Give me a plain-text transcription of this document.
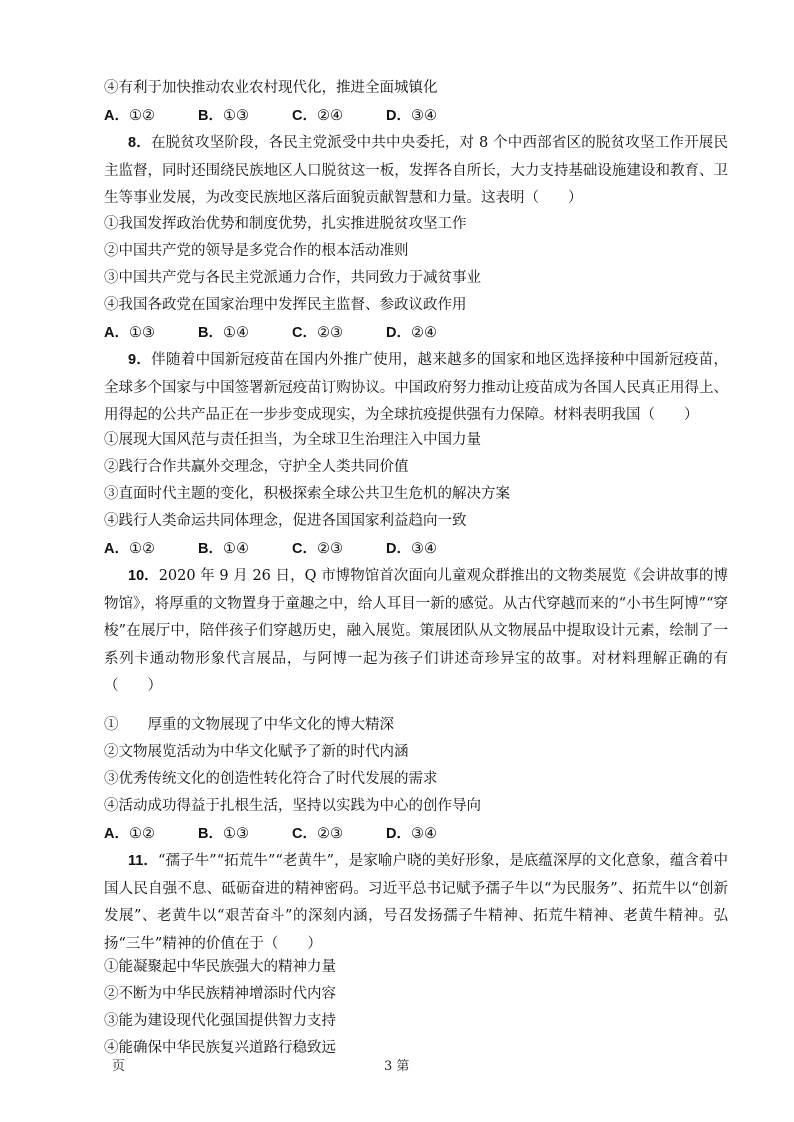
④有利于加快推动农业农村现代化，推进全面城镇化
A．①②	B．①③	C．②④	D．③④
8．在脱贫攻坚阶段，各民主党派受中共中央委托，对 8 个中西部省区的脱贫攻坚工作开展民主监督，同时还围绕民族地区人口脱贫这一板，发挥各自所长，大力支持基础设施建设和教育、卫生等事业发展，为改变民族地区落后面貌贡献智慧和力量。这表明（　　）
①我国发挥政治优势和制度优势，扎实推进脱贫攻坚工作
②中国共产党的领导是多党合作的根本活动准则
③中国共产党与各民主党派通力合作，共同致力于减贫事业
④我国各政党在国家治理中发挥民主监督、参政议政作用
A．①③	B．①④	C．②③	D．②④
9．伴随着中国新冠疫苗在国内外推广使用，越来越多的国家和地区选择接种中国新冠疫苗，全球多个国家与中国签署新冠疫苗订购协议。中国政府努力推动让疫苗成为各国人民真正用得上、用得起的公共产品正在一步步变成现实，为全球抗疫提供强有力保障。材料表明我国（　　）
①展现大国风范与责任担当，为全球卫生治理注入中国力量
②践行合作共赢外交理念，守护全人类共同价值
③直面时代主题的变化，积极探索全球公共卫生危机的解决方案
④践行人类命运共同体理念，促进各国国家利益趋向一致
A．①②	B．①④	C．②③	D．③④
10．2020 年 9 月 26 日，Q 市博物馆首次面向儿童观众群推出的文物类展览《会讲故事的博物馆》，将厚重的文物置身于童趣之中，给人耳目一新的感觉。从古代穿越而来的“小书生阿博”“穿梭”在展厅中，陪伴孩子们穿越历史，融入展览。策展团队从文物展品中提取设计元素，绘制了一系列卡通动物形象代言展品，与阿博一起为孩子们讲述奇珍异宝的故事。对材料理解正确的有（　　）
①　　厚重的文物展现了中华文化的博大精深
②文物展览活动为中华文化赋予了新的时代内涵
③优秀传统文化的创造性转化符合了时代发展的需求
④活动成功得益于扎根生活，坚持以实践为中心的创作导向
A．①②	B．①③	C．②③	D．③④
11．“孺子牛”“拓荒牛”“老黄牛”，是家喻户晓的美好形象，是底蕴深厚的文化意象，蕴含着中国人民自强不息、砥砺奋进的精神密码。习近平总书记赋予孺子牛以“为民服务”、拓荒牛以“创新发展”、老黄牛以“艰苦奋斗”的深刻内涵，号召发扬孺子牛精神、拓荒牛精神、老黄牛精神。弘扬“三牛”精神的价值在于（　　）
①能凝聚起中华民族强大的精神力量
②不断为中华民族精神增添时代内容
③能为建设现代化强国提供智力支持
④能确保中华民族复兴道路行稳致远
页	3 第
